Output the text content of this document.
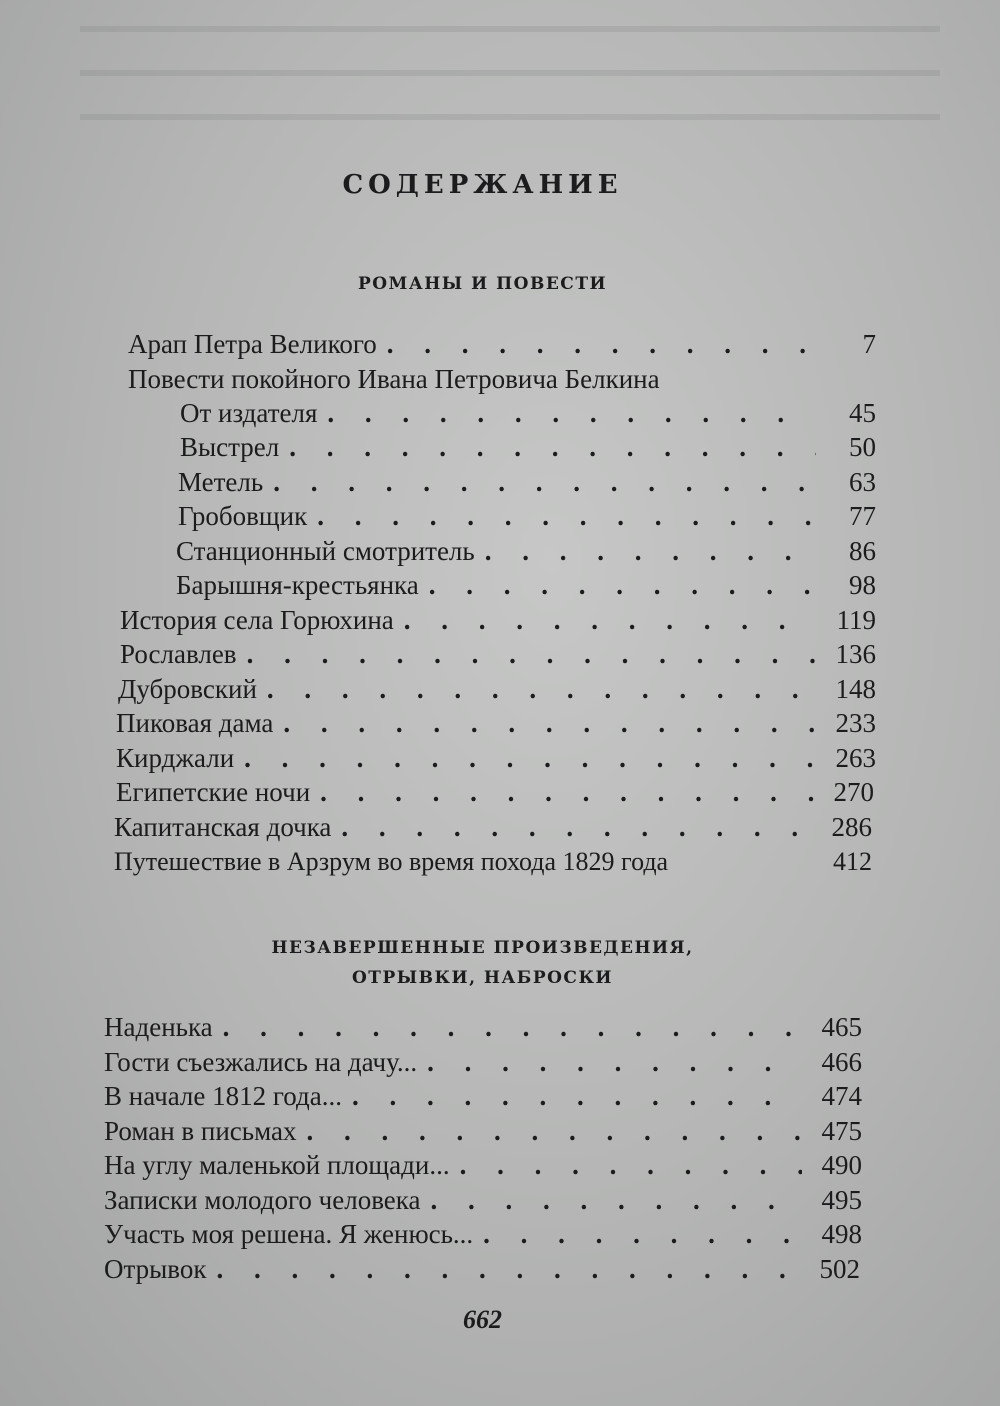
СОДЕРЖАНИЕ
РОМАНЫ И ПОВЕСТИ
Арап Петра Великого . . .	7
Повести покойного Ивана Петровича Белкина
От издателя . . .	45
Выстрел . . .	50
Метель . . .	63
Гробовщик . . .	77
Станционный смотритель . . .	86
Барышня-крестьянка . . .	98
История села Горюхина . . .	119
Рославлев . . .	136
Дубровский . . .	148
Пиковая дама . . .	233
Кирджали . . .	263
Египетские ночи . . .	270
Капитанская дочка . . .	286
Путешествие в Арзрум во время похода 1829 года	412
НЕЗАВЕРШЕННЫЕ ПРОИЗВЕДЕНИЯ,
ОТРЫВКИ, НАБРОСКИ
Наденька . . .	465
Гости съезжались на дачу... . . .	466
В начале 1812 года... . . .	474
Роман в письмах . . .	475
На углу маленькой площади... . . .	490
Записки молодого человека . . .	495
Участь моя решена. Я женюсь... . . .	498
Отрывок . . .	502
662
